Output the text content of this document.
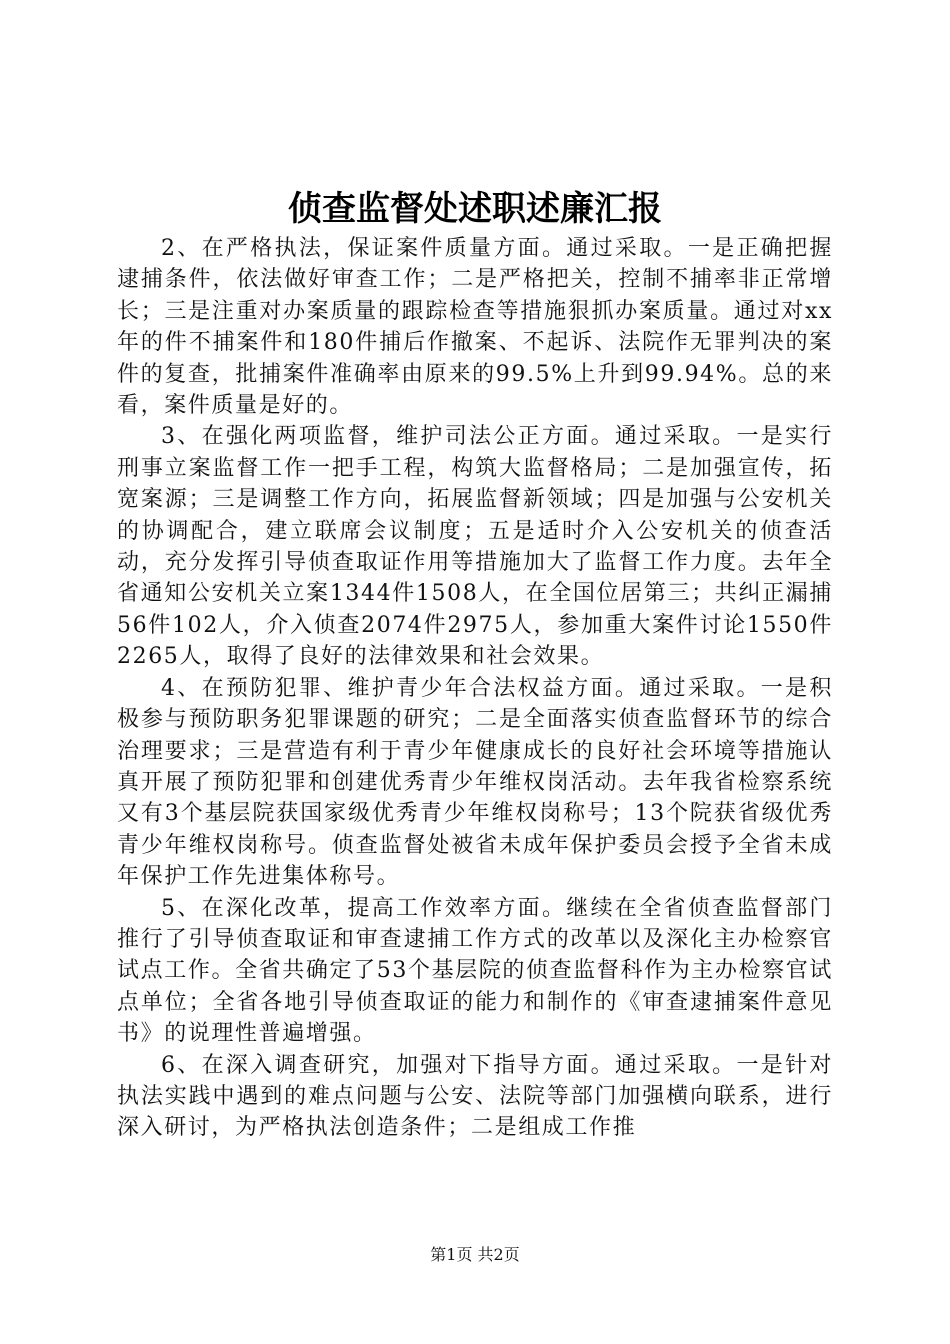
侦查监督处述职述廉汇报

2、在严格执法，保证案件质量方面。通过采取。一是正确把握逮捕条件，依法做好审查工作；二是严格把关，控制不捕率非正常增长；三是注重对办案质量的跟踪检查等措施狠抓办案质量。通过对xx年的件不捕案件和180件捕后作撤案、不起诉、法院作无罪判决的案件的复查，批捕案件准确率由原来的99.5%上升到99.94%。总的来看，案件质量是好的。

3、在强化两项监督，维护司法公正方面。通过采取。一是实行刑事立案监督工作一把手工程，构筑大监督格局；二是加强宣传，拓宽案源；三是调整工作方向，拓展监督新领域；四是加强与公安机关的协调配合，建立联席会议制度；五是适时介入公安机关的侦查活动，充分发挥引导侦查取证作用等措施加大了监督工作力度。去年全省通知公安机关立案1344件1508人，在全国位居第三；共纠正漏捕56件102人，介入侦查2074件2975人，参加重大案件讨论1550件2265人，取得了良好的法律效果和社会效果。

4、在预防犯罪、维护青少年合法权益方面。通过采取。一是积极参与预防职务犯罪课题的研究；二是全面落实侦查监督环节的综合治理要求；三是营造有利于青少年健康成长的良好社会环境等措施认真开展了预防犯罪和创建优秀青少年维权岗活动。去年我省检察系统又有3个基层院获国家级优秀青少年维权岗称号；13个院获省级优秀青少年维权岗称号。侦查监督处被省未成年保护委员会授予全省未成年保护工作先进集体称号。

5、在深化改革，提高工作效率方面。继续在全省侦查监督部门推行了引导侦查取证和审查逮捕工作方式的改革以及深化主办检察官试点工作。全省共确定了53个基层院的侦查监督科作为主办检察官试点单位；全省各地引导侦查取证的能力和制作的《审查逮捕案件意见书》的说理性普遍增强。

6、在深入调查研究，加强对下指导方面。通过采取。一是针对执法实践中遇到的难点问题与公安、法院等部门加强横向联系，进行深入研讨，为严格执法创造条件；二是组成工作推

第1页 共2页
